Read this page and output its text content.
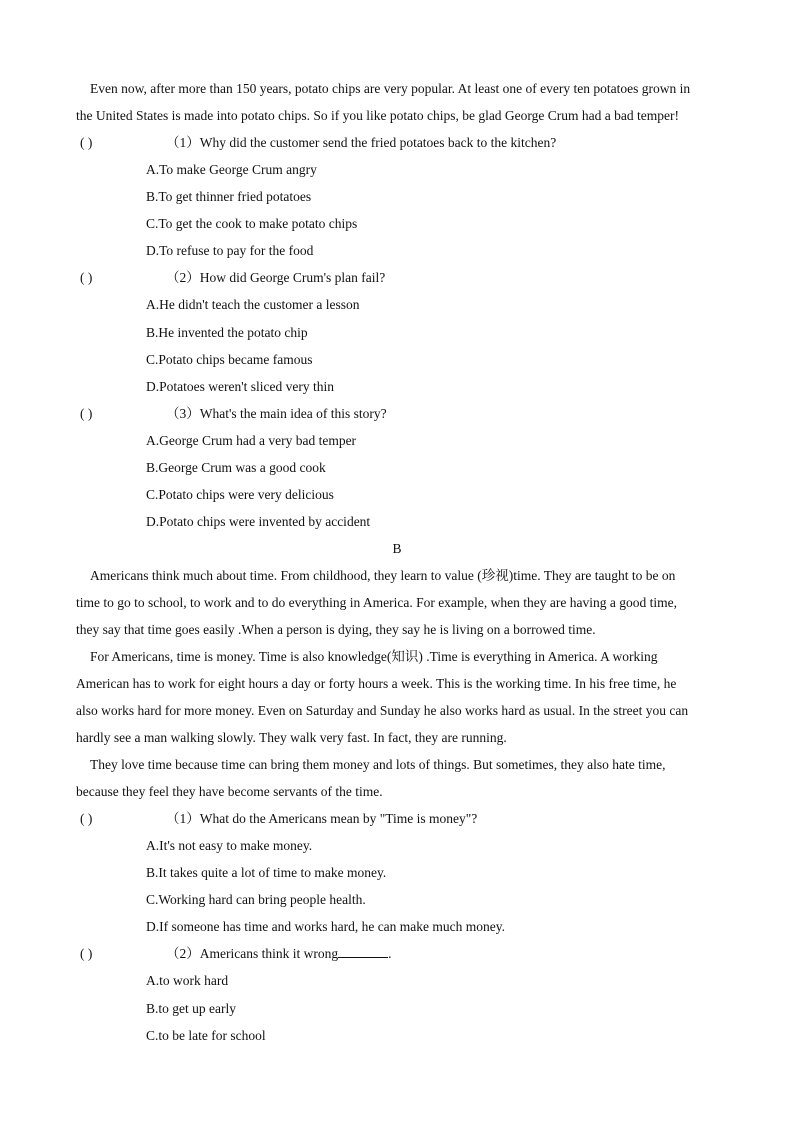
Even now, after more than 150 years, potato chips are very popular. At least one of every ten potatoes grown in
the United States is made into potato chips. So if you like potato chips, be glad George Crum had a bad temper!
( )	（1）Why did the customer send the fried potatoes back to the kitchen?
A.To make George Crum angry
B.To get thinner fried potatoes
C.To get the cook to make potato chips
D.To refuse to pay for the food
( )	（2）How did George Crum's plan fail?
A.He didn't teach the customer a lesson
B.He invented the potato chip
C.Potato chips became famous
D.Potatoes weren't sliced very thin
( )	（3）What's the main idea of this story?
A.George Crum had a very bad temper
B.George Crum was a good cook
C.Potato chips were very delicious
D.Potato chips were invented by accident
B
Americans think much about time. From childhood, they learn to value (珍视)time. They are taught to be on
time to go to school, to work and to do everything in America. For example, when they are having a good time,
they say that time goes easily .When a person is dying, they say he is living on a borrowed time.
For Americans, time is money. Time is also knowledge(知识) .Time is everything in America. A working
American has to work for eight hours a day or forty hours a week. This is the working time. In his free time, he
also works hard for more money. Even on Saturday and Sunday he also works hard as usual. In the street you can
hardly see a man walking slowly. They walk very fast. In fact, they are running.
They love time because time can bring them money and lots of things. But sometimes, they also hate time,
because they feel they have become servants of the time.
( )	（1）What do the Americans mean by "Time is money"?
A.It's not easy to make money.
B.It takes quite a lot of time to make money.
C.Working hard can bring people health.
D.If someone has time and works hard, he can make much money.
( )	（2）Americans think it wrong	.
A.to work hard
B.to get up early
C.to be late for school
